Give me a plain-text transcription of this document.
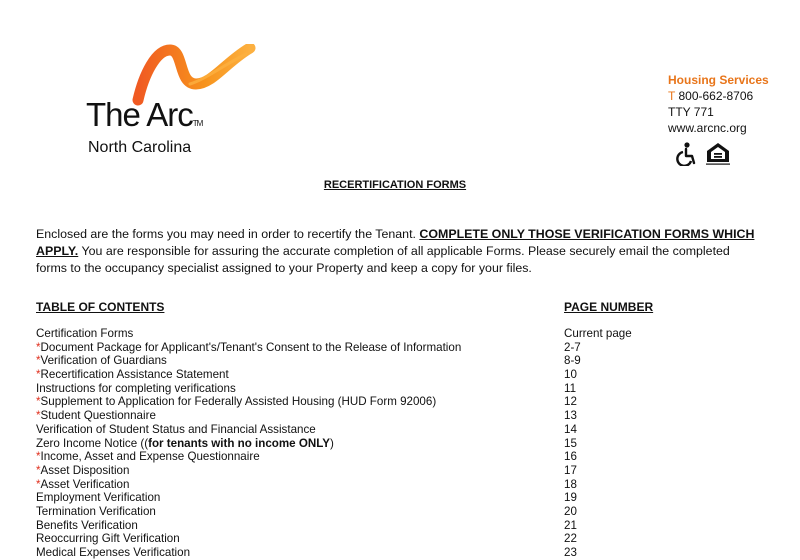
The ArcTM
North Carolina
Housing Services
T 800-662-8706
TTY 771
www.arcnc.org
RECERTIFICATION FORMS
Enclosed are the forms you may need in order to recertify the Tenant. COMPLETE ONLY THOSE VERIFICATION FORMS WHICH APPLY. You are responsible for assuring the accurate completion of all applicable Forms. Please securely email the completed forms to the occupancy specialist assigned to your Property and keep a copy for your files.
TABLE OF CONTENTS	PAGE NUMBER
Certification Forms	Current page
*Document Package for Applicant's/Tenant's Consent to the Release of Information	2-7
*Verification of Guardians	8-9
*Recertification Assistance Statement	10
Instructions for completing verifications	11
*Supplement to Application for Federally Assisted Housing (HUD Form 92006)	12
*Student Questionnaire	13
Verification of Student Status and Financial Assistance	14
Zero Income Notice ((for tenants with no income ONLY)	15
*Income, Asset and Expense Questionnaire	16
*Asset Disposition	17
*Asset Verification	18
Employment Verification	19
Termination Verification	20
Benefits Verification	21
Reoccurring Gift Verification	22
Medical Expenses Verification	23
